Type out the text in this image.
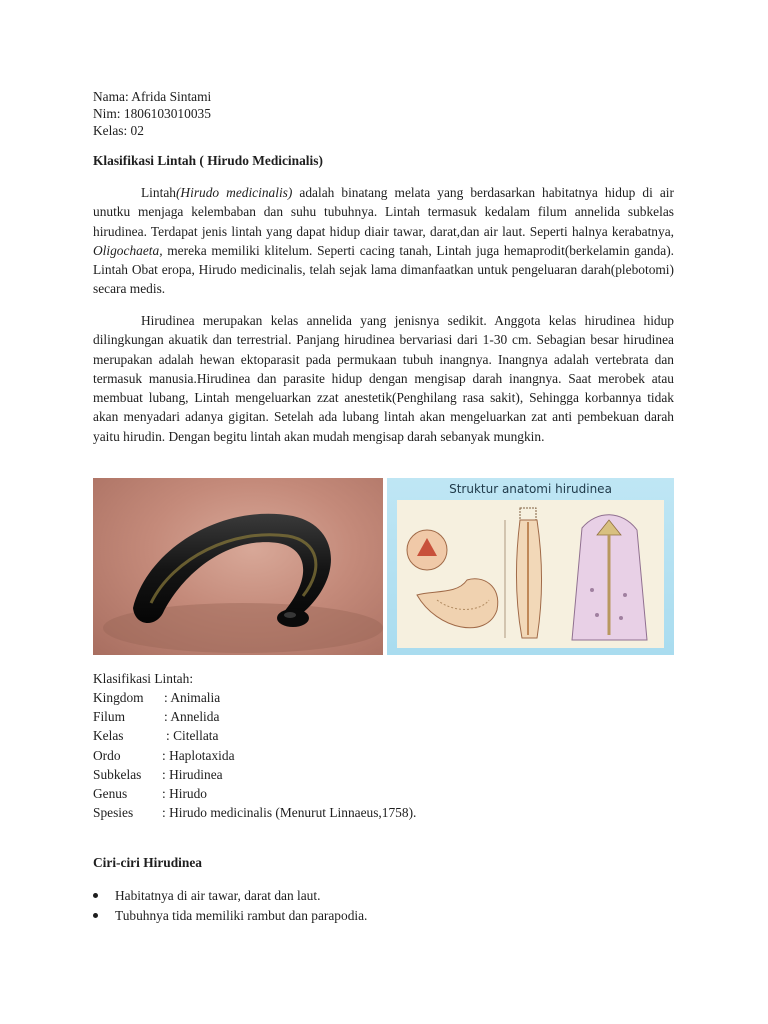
Nama: Afrida Sintami
Nim: 1806103010035
Kelas: 02
Klasifikasi Lintah ( Hirudo Medicinalis)

Lintah(Hirudo medicinalis) adalah binatang melata yang berdasarkan habitatnya hidup di air unutku menjaga kelembaban dan suhu tubuhnya. Lintah termasuk kedalam filum annelida subkelas hirudinea. Terdapat jenis lintah yang dapat hidup diair tawar, darat,dan air laut. Seperti halnya kerabatnya, Oligochaeta, mereka memiliki klitelum. Seperti cacing tanah, Lintah juga hemaprodit(berkelamin ganda). Lintah Obat eropa, Hirudo medicinalis, telah sejak lama dimanfaatkan untuk pengeluaran darah(plebotomi) secara medis.

Hirudinea merupakan kelas annelida yang jenisnya sedikit. Anggota kelas hirudinea hidup dilingkungan akuatik dan terrestrial. Panjang hirudinea bervariasi dari 1-30 cm. Sebagian besar hirudinea merupakan adalah hewan ektoparasit pada permukaan tubuh inangnya. Inangnya adalah vertebrata dan termasuk manusia.Hirudinea dan parasite hidup dengan mengisap darah inangnya. Saat merobek atau membuat lubang, Lintah mengeluarkan zzat anestetik(Penghilang rasa sakit), Sehingga korbannya tidak akan menyadari adanya gigitan. Setelah ada lubang lintah akan mengeluarkan zat anti pembekuan darah yaitu hirudin. Dengan begitu lintah akan mudah mengisap darah sebanyak mungkin.

Struktur anatomi hirudinea
Klasifikasi Lintah:
Kingdom : Animalia
Filum	: Annelida
Kelas	: Citellata
Ordo	: Haplotaxida
Subkelas : Hirudinea
Genus	: Hirudo
Spesies : Hirudo medicinalis (Menurut Linnaeus,1758).
Ciri-ciri Hirudinea
Habitatnya di air tawar, darat dan laut.
Tubuhnya tida memiliki rambut dan parapodia.
